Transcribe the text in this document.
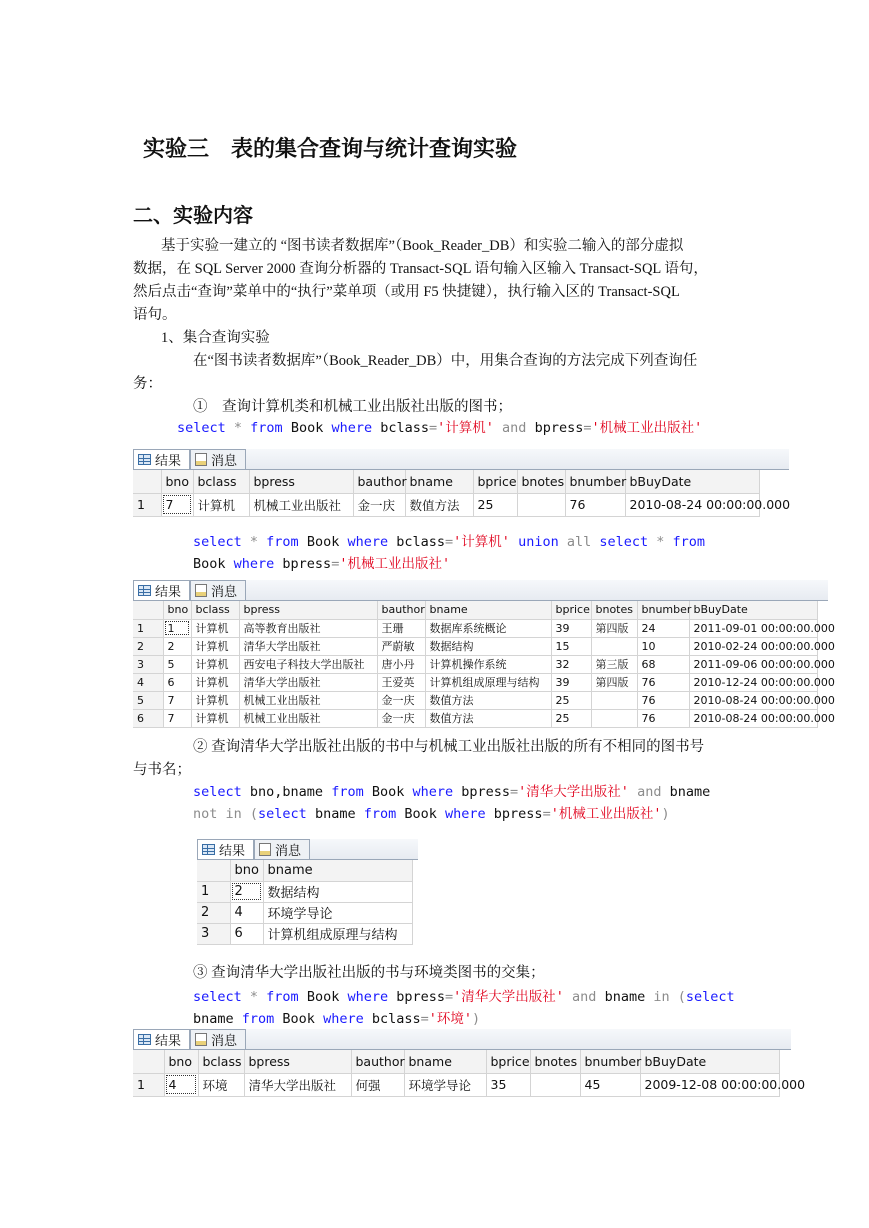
实验三　表的集合查询与统计查询实验
二、实验内容
基于实验一建立的 “图书读者数据库”（Book_Reader_DB）和实验二输入的部分虚拟
数据，在 SQL Server 2000 查询分析器的 Transact-SQL 语句输入区输入 Transact-SQL 语句，
然后点击“查询”菜单中的“执行”菜单项（或用 F5 快捷键），执行输入区的 Transact-SQL
语句。
1、集合查询实验
在“图书读者数据库”（Book_Reader_DB）中，用集合查询的方法完成下列查询任
务：
①　查询计算机类和机械工业出版社出版的图书；
select * from Book where bclass='计算机' and bpress='机械工业出版社'
结果 消息
	bno	bclass	bpress	bauthor	bname	bprice	bnotes	bnumber	bBuyDate
1	7	计算机	机械工业出版社	金一庆	数值方法	25		76	2010-08-24 00:00:00.000
select * from Book where bclass='计算机' union all select * from
Book where bpress='机械工业出版社'
结果 消息
	bno	bclass	bpress	bauthor	bname	bprice	bnotes	bnumber	bBuyDate
1	1	计算机	高等教育出版社	王珊	数据库系统概论	39	第四版	24	2011-09-01 00:00:00.000
2	2	计算机	清华大学出版社	严蔚敏	数据结构	15		10	2010-02-24 00:00:00.000
3	5	计算机	西安电子科技大学出版社	唐小丹	计算机操作系统	32	第三版	68	2011-09-06 00:00:00.000
4	6	计算机	清华大学出版社	王爱英	计算机组成原理与结构	39	第四版	76	2010-12-24 00:00:00.000
5	7	计算机	机械工业出版社	金一庆	数值方法	25		76	2010-08-24 00:00:00.000
6	7	计算机	机械工业出版社	金一庆	数值方法	25		76	2010-08-24 00:00:00.000
② 查询清华大学出版社出版的书中与机械工业出版社出版的所有不相同的图书号
与书名；
select bno,bname from Book where bpress='清华大学出版社' and bname
not in (select bname from Book where bpress='机械工业出版社')
结果 消息
	bno	bname
1	2	数据结构
2	4	环境学导论
3	6	计算机组成原理与结构
③ 查询清华大学出版社出版的书与环境类图书的交集；
select * from Book where bpress='清华大学出版社' and bname in (select
bname from Book where bclass='环境')
结果 消息
	bno	bclass	bpress	bauthor	bname	bprice	bnotes	bnumber	bBuyDate
1	4	环境	清华大学出版社	何强	环境学导论	35		45	2009-12-08 00:00:00.000
